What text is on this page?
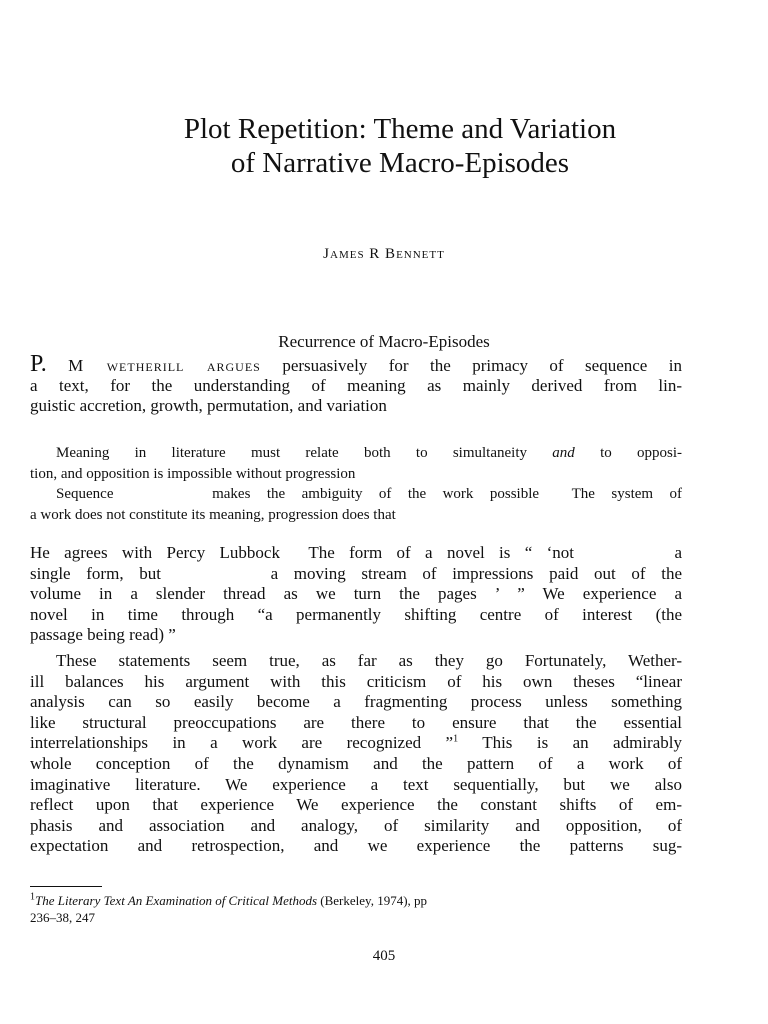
Plot Repetition: Theme and Variation
of Narrative Macro-Episodes
James R Bennett
Recurrence of Macro-Episodes
P. M wetherill argues persuasively for the primacy of sequence in
a text, for the understanding of meaning as mainly derived from lin-
guistic accretion, growth, permutation, and variation
Meaning in literature must relate both to simultaneity and to opposi-
tion, and opposition is impossible without progression
Sequence      makes the ambiguity of the work possible  The system of
a work does not constitute its meaning, progression does that
He agrees with Percy Lubbock  The form of a novel is “ ‘not       a
single form, but       a moving stream of impressions paid out of the
volume in a slender thread as we turn the pages ’ ” We experience a
novel in time through “a permanently shifting centre of interest (the
passage being read) ”
These statements seem true, as far as they go Fortunately, Wether-
ill balances his argument with this criticism of his own theses “linear
analysis can so easily become a fragmenting process unless something
like structural preoccupations are there to ensure that the essential
interrelationships in a work are recognized ”$^1$ This is an admirably
whole conception of the dynamism and the pattern of a work of
imaginative literature. We experience a text sequentially, but we also
reflect upon that experience We experience the constant shifts of em-
phasis and association and analogy, of similarity and opposition, of
expectation and retrospection, and we experience the patterns sug-
$^1$The Literary Text An Examination of Critical Methods (Berkeley, 1974), pp
236–38, 247
405
